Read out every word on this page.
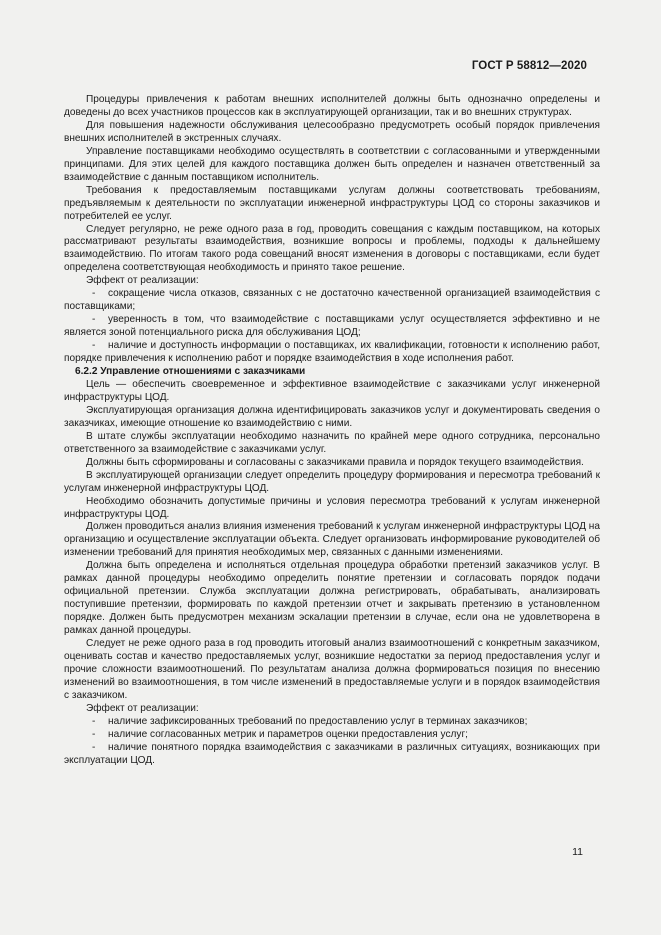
ГОСТ Р 58812—2020

Процедуры привлечения к работам внешних исполнителей должны быть однозначно определены и доведены до всех участников процессов как в эксплуатирующей организации, так и во внешних структурах.

Для повышения надежности обслуживания целесообразно предусмотреть особый порядок привлечения внешних исполнителей в экстренных случаях.

Управление поставщиками необходимо осуществлять в соответствии с согласованными и утвержденными принципами. Для этих целей для каждого поставщика должен быть определен и назначен ответственный за взаимодействие с данным поставщиком исполнитель.

Требования к предоставляемым поставщиками услугам должны соответствовать требованиям, предъявляемым к деятельности по эксплуатации инженерной инфраструктуры ЦОД со стороны заказчиков и потребителей ее услуг.

Следует регулярно, не реже одного раза в год, проводить совещания с каждым поставщиком, на которых рассматривают результаты взаимодействия, возникшие вопросы и проблемы, подходы к дальнейшему взаимодействию. По итогам такого рода совещаний вносят изменения в договоры с поставщиками, если будет определена соответствующая необходимость и принято такое решение.

Эффект от реализации:

- сокращение числа отказов, связанных с не достаточно качественной организацией взаимодействия с поставщиками;

- уверенность в том, что взаимодействие с поставщиками услуг осуществляется эффективно и не является зоной потенциального риска для обслуживания ЦОД;

- наличие и доступность информации о поставщиках, их квалификации, готовности к исполнению работ, порядке привлечения к исполнению работ и порядке взаимодействия в ходе исполнения работ.

6.2.2 Управление отношениями с заказчиками

Цель — обеспечить своевременное и эффективное взаимодействие с заказчиками услуг инженерной инфраструктуры ЦОД.

Эксплуатирующая организация должна идентифицировать заказчиков услуг и документировать сведения о заказчиках, имеющие отношение ко взаимодействию с ними.

В штате службы эксплуатации необходимо назначить по крайней мере одного сотрудника, персонально ответственного за взаимодействие с заказчиками услуг.

Должны быть сформированы и согласованы с заказчиками правила и порядок текущего взаимодействия.

В эксплуатирующей организации следует определить процедуру формирования и пересмотра требований к услугам инженерной инфраструктуры ЦОД.

Необходимо обозначить допустимые причины и условия пересмотра требований к услугам инженерной инфраструктуры ЦОД.

Должен проводиться анализ влияния изменения требований к услугам инженерной инфраструктуры ЦОД на организацию и осуществление эксплуатации объекта. Следует организовать информирование руководителей об изменении требований для принятия необходимых мер, связанных с данными изменениями.

Должна быть определена и исполняться отдельная процедура обработки претензий заказчиков услуг. В рамках данной процедуры необходимо определить понятие претензии и согласовать порядок подачи официальной претензии. Служба эксплуатации должна регистрировать, обрабатывать, анализировать поступившие претензии, формировать по каждой претензии отчет и закрывать претензию в установленном порядке. Должен быть предусмотрен механизм эскалации претензии в случае, если она не удовлетворена в рамках данной процедуры.

Следует не реже одного раза в год проводить итоговый анализ взаимоотношений с конкретным заказчиком, оценивать состав и качество предоставляемых услуг, возникшие недостатки за период предоставления услуг и прочие сложности взаимоотношений. По результатам анализа должна формироваться позиция по внесению изменений во взаимоотношения, в том числе изменений в предоставляемые услуги и в порядок взаимодействия с заказчиком.

Эффект от реализации:

- наличие зафиксированных требований по предоставлению услуг в терминах заказчиков;

- наличие согласованных метрик и параметров оценки предоставления услуг;

- наличие понятного порядка взаимодействия с заказчиками в различных ситуациях, возникающих при эксплуатации ЦОД.

11
